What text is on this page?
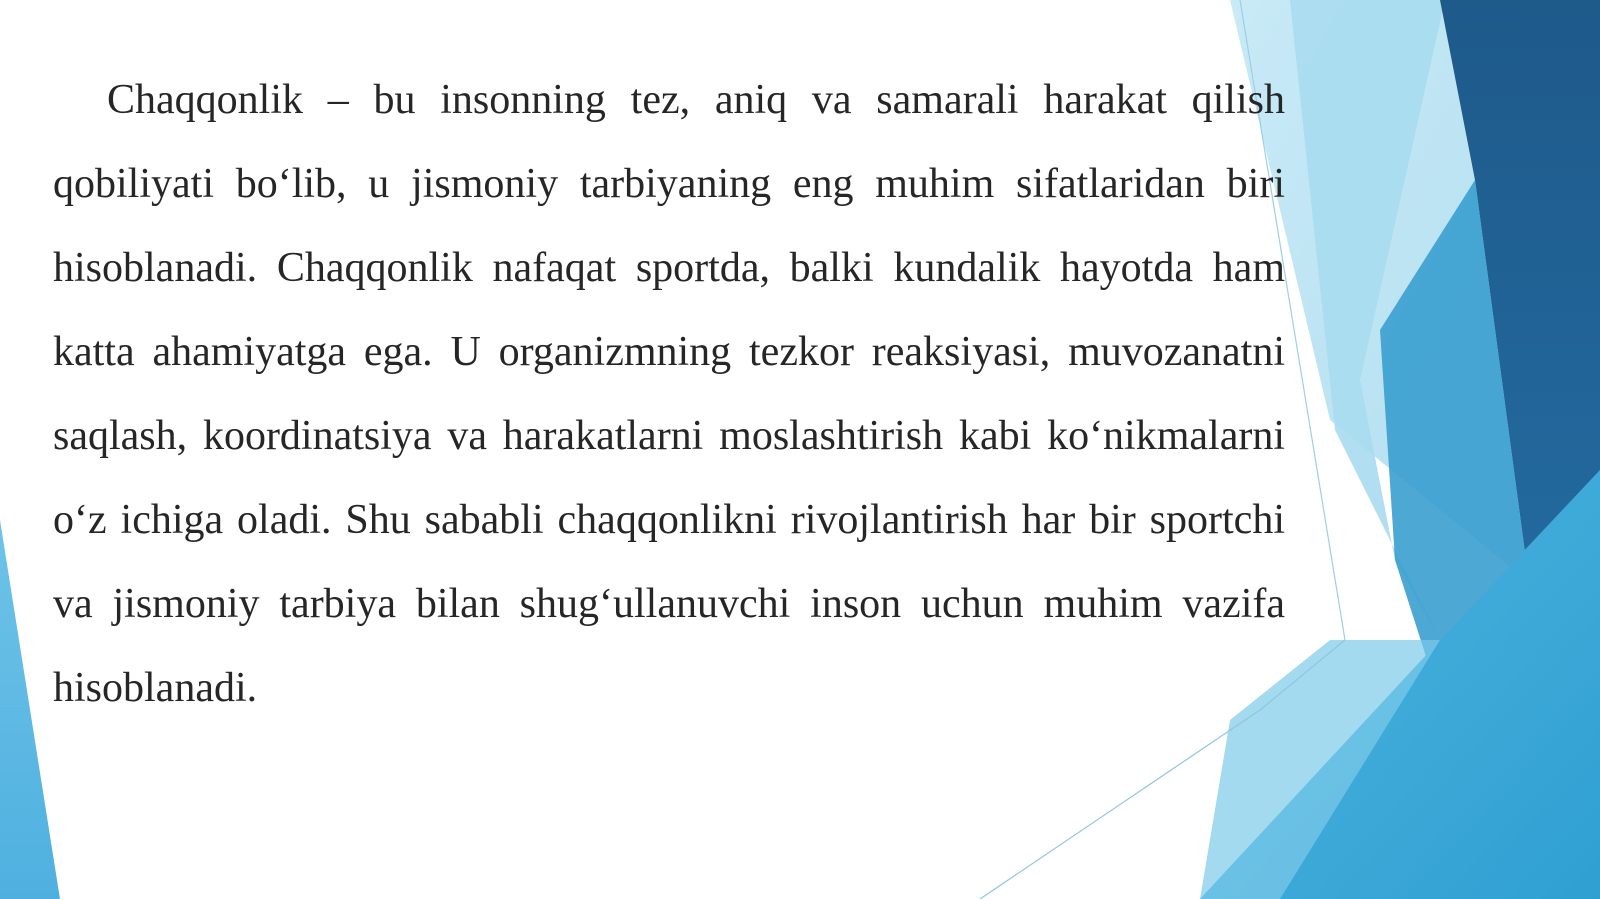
Chaqqonlik – bu insonning tez, aniq va samarali harakat qilish qobiliyati bo‘lib, u jismoniy tarbiyaning eng muhim sifatlaridan biri hisoblanadi. Chaqqonlik nafaqat sportda, balki kundalik hayotda ham katta ahamiyatga ega. U organizmning tezkor reaksiyasi, muvozanatni saqlash, koordinatsiya va harakatlarni moslashtirish kabi ko‘nikmalarni o‘z ichiga oladi. Shu sababli chaqqonlikni rivojlantirish har bir sportchi va jismoniy tarbiya bilan shug‘ullanuvchi inson uchun muhim vazifa hisoblanadi.
